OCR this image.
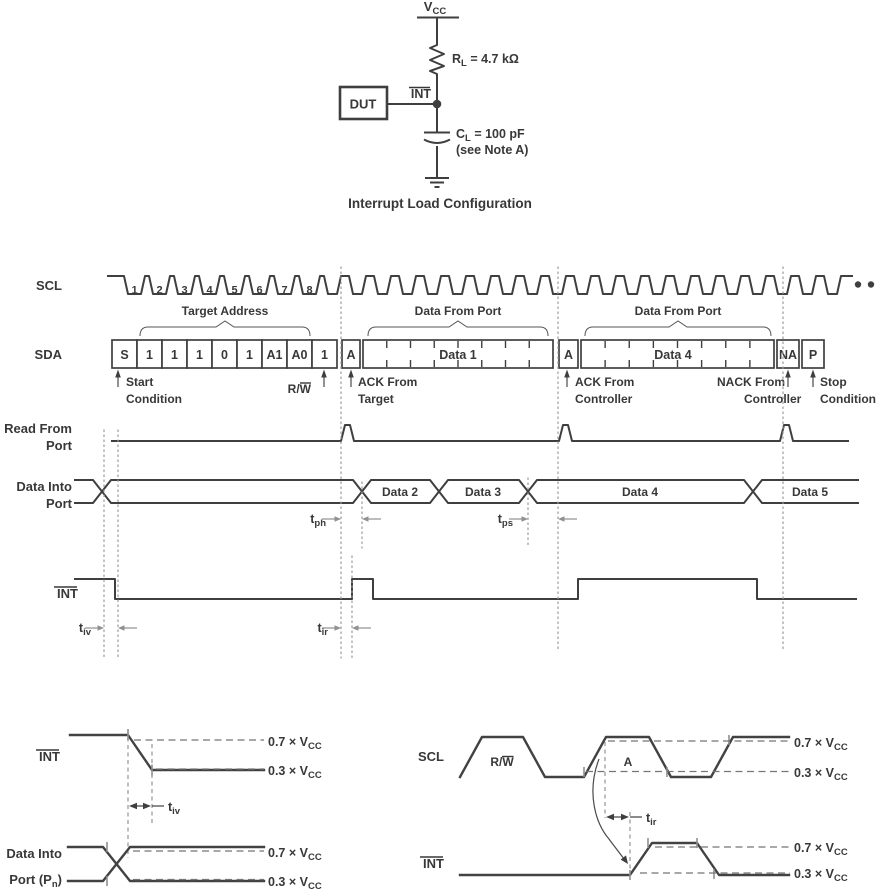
$V_{CC}$
$R_L = 4.7$ kΩ
INT
DUT
$C_L = 100$ pF
(see Note A)
Interrupt Load Configuration
SCL
SDA
1 2 3 4 5 6 7 8
Target Address	Data From Port	Data From Port
S 1 1 1 0 1 A1 A0 1 A	Data 1	A	Data 4	NA P
Start
Condition
R/W	ACK From
Target
ACK From
Controller
NACK From
Controller
Stop
Condition
Read From
Port
Data Into
Port
Data 2	Data 3	Data 4	Data 5
INT
$t_{ph}$	$t_{ps}$
$t_{iv}$	$t_{ir}$
INT
$0.7 \times V_{CC}$
$0.3 \times V_{CC}$
$t_{iv}$
Data Into
Port $(P_n)$
$0.7 \times V_{CC}$
$0.3 \times V_{CC}$
SCL	R/W	A
$0.7 \times V_{CC}$
$0.3 \times V_{CC}$
$t_{ir}$
INT
$0.7 \times V_{CC}$
$0.3 \times V_{CC}$
